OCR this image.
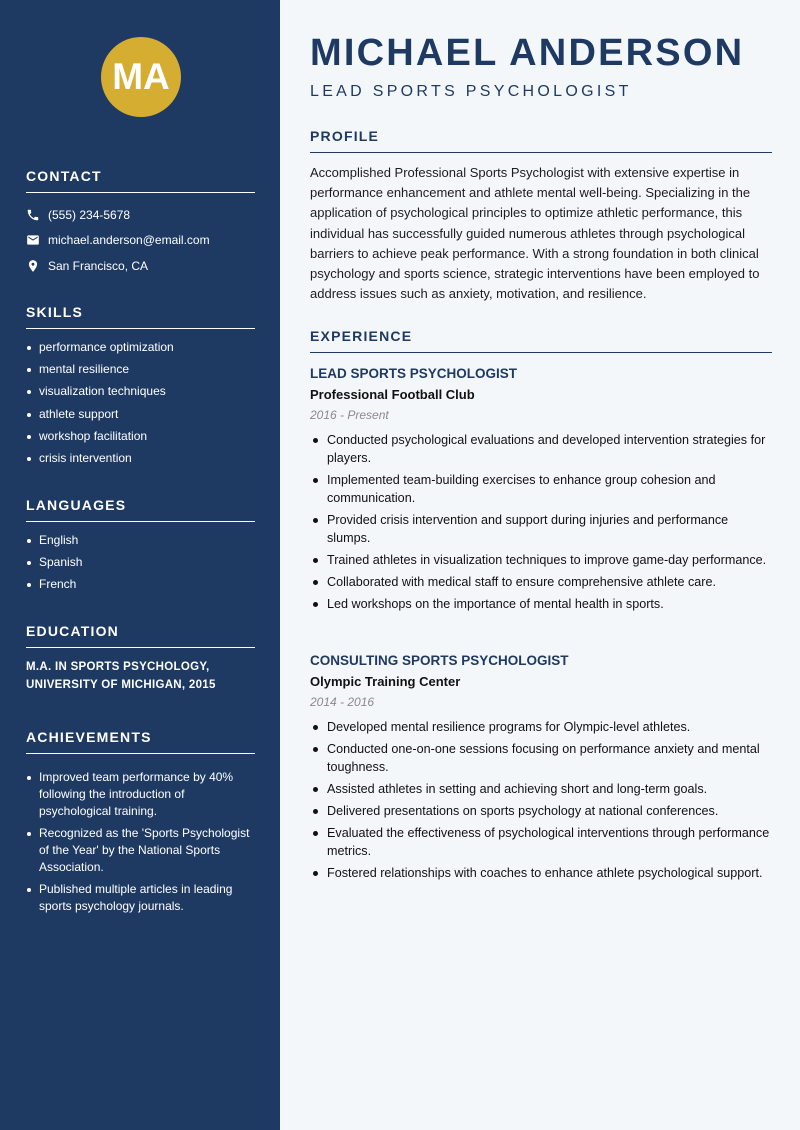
MA
CONTACT
(555) 234-5678
michael.anderson@email.com
San Francisco, CA
SKILLS
performance optimization
mental resilience
visualization techniques
athlete support
workshop facilitation
crisis intervention
LANGUAGES
English
Spanish
French
EDUCATION
M.A. IN SPORTS PSYCHOLOGY,
UNIVERSITY OF MICHIGAN, 2015
ACHIEVEMENTS
Improved team performance by 40% following the introduction of psychological training.
Recognized as the 'Sports Psychologist of the Year' by the National Sports Association.
Published multiple articles in leading sports psychology journals.
MICHAEL ANDERSON
LEAD SPORTS PSYCHOLOGIST
PROFILE

Accomplished Professional Sports Psychologist with extensive expertise in performance enhancement and athlete mental well-being. Specializing in the application of psychological principles to optimize athletic performance, this individual has successfully guided numerous athletes through psychological barriers to achieve peak performance. With a strong foundation in both clinical psychology and sports science, strategic interventions have been employed to address issues such as anxiety, motivation, and resilience.

EXPERIENCE
LEAD SPORTS PSYCHOLOGIST
Professional Football Club
2016 - Present
Conducted psychological evaluations and developed intervention strategies for players.
Implemented team-building exercises to enhance group cohesion and communication.
Provided crisis intervention and support during injuries and performance slumps.
Trained athletes in visualization techniques to improve game-day performance.
Collaborated with medical staff to ensure comprehensive athlete care.
Led workshops on the importance of mental health in sports.
CONSULTING SPORTS PSYCHOLOGIST
Olympic Training Center
2014 - 2016
Developed mental resilience programs for Olympic-level athletes.
Conducted one-on-one sessions focusing on performance anxiety and mental toughness.
Assisted athletes in setting and achieving short and long-term goals.
Delivered presentations on sports psychology at national conferences.
Evaluated the effectiveness of psychological interventions through performance metrics.
Fostered relationships with coaches to enhance athlete psychological support.
